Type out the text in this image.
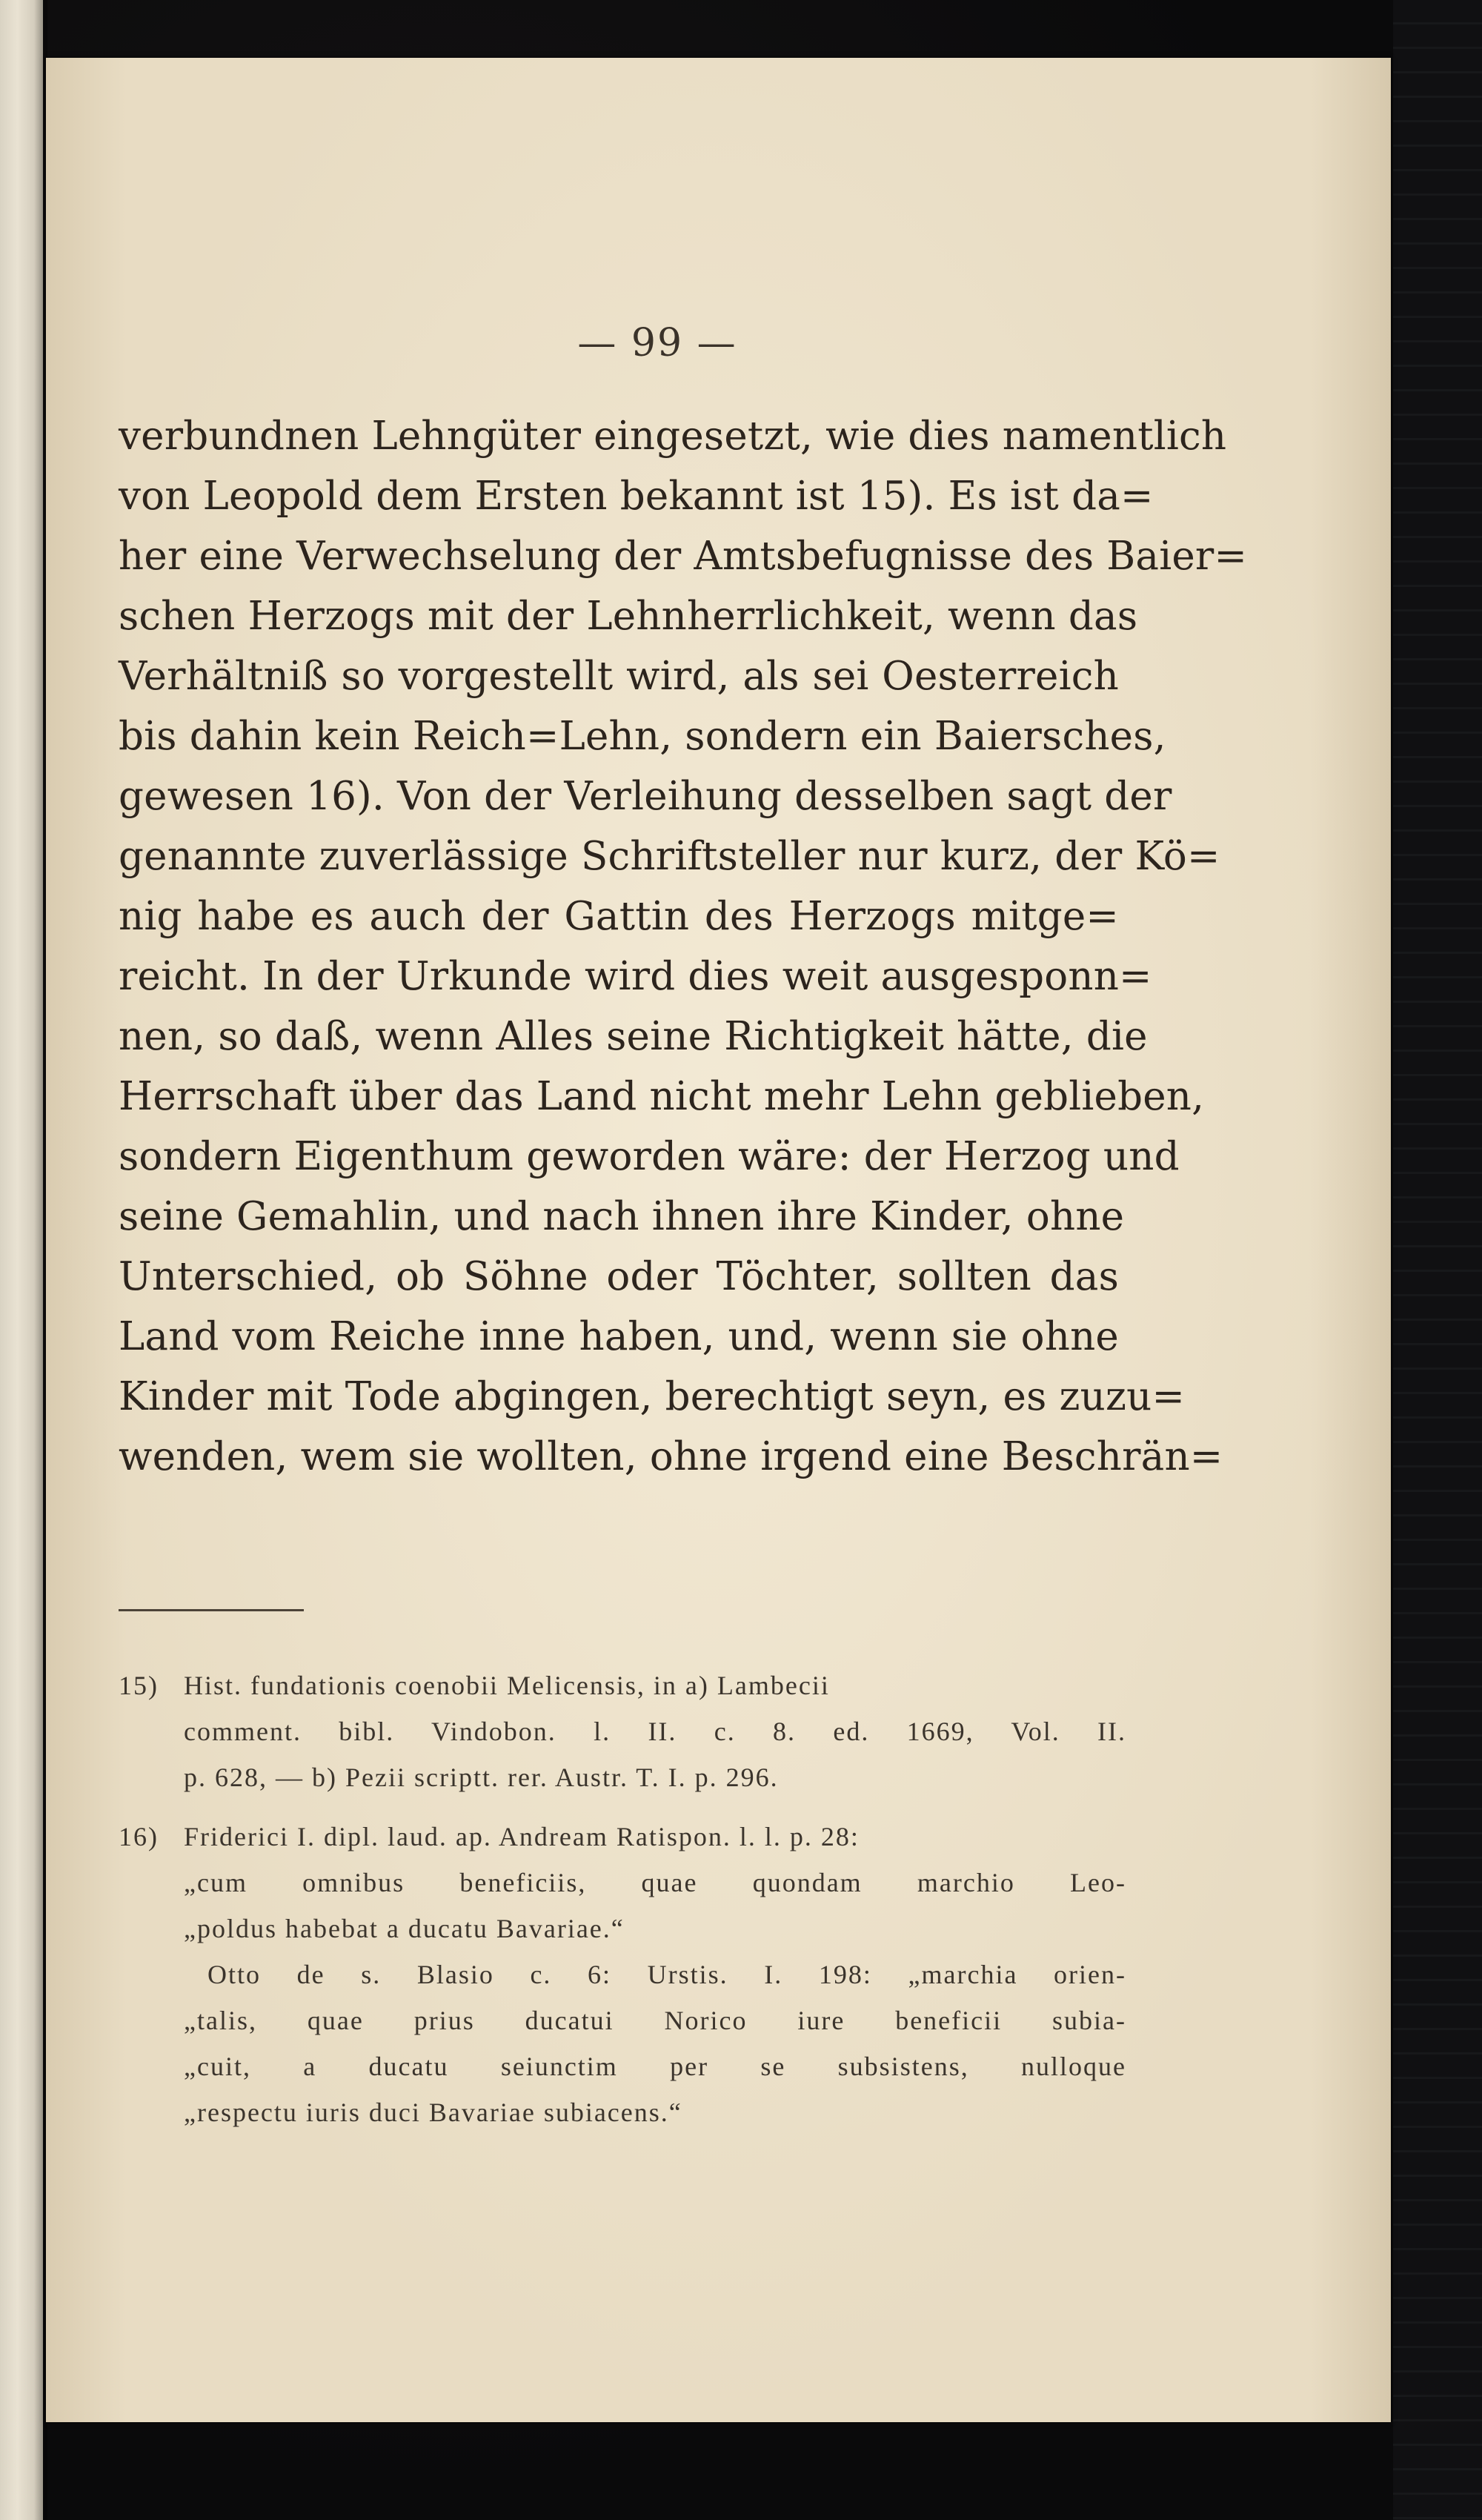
— 99 —
verbundnen Lehngüter eingesetzt, wie dies namentlich
von Leopold dem Ersten bekannt ist 15). Es ist da=
her eine Verwechselung der Amtsbefugnisse des Baier=
schen Herzogs mit der Lehnherrlichkeit, wenn das
Verhältniß so vorgestellt wird, als sei Oesterreich
bis dahin kein Reich=Lehn, sondern ein Baiersches,
gewesen 16). Von der Verleihung desselben sagt der
genannte zuverlässige Schriftsteller nur kurz, der Kö=
nig habe es auch der Gattin des Herzogs mitge=
reicht. In der Urkunde wird dies weit ausgesponn=
nen, so daß, wenn Alles seine Richtigkeit hätte, die
Herrschaft über das Land nicht mehr Lehn geblieben,
sondern Eigenthum geworden wäre: der Herzog und
seine Gemahlin, und nach ihnen ihre Kinder, ohne
Unterschied, ob Söhne oder Töchter, sollten das
Land vom Reiche inne haben, und, wenn sie ohne
Kinder mit Tode abgingen, berechtigt seyn, es zuzu=
wenden, wem sie wollten, ohne irgend eine Beschrän=
15) Hist. fundationis coenobii Melicensis, in a) Lambecii
comment. bibl. Vindobon. l. II. c. 8. ed. 1669, Vol. II.
p. 628, — b) Pezii scriptt. rer. Austr. T. I. p. 296.
16) Friderici I. dipl. laud. ap. Andream Ratispon. l. l. p. 28:
„cum omnibus beneficiis, quae quondam marchio Leo-
„poldus habebat a ducatu Bavariae.“
Otto de s. Blasio c. 6: Urstis. I. 198: „marchia orien-
„talis, quae prius ducatui Norico iure beneficii subia-
„cuit, a ducatu seiunctim per se subsistens, nulloque
„respectu iuris duci Bavariae subiacens.“
